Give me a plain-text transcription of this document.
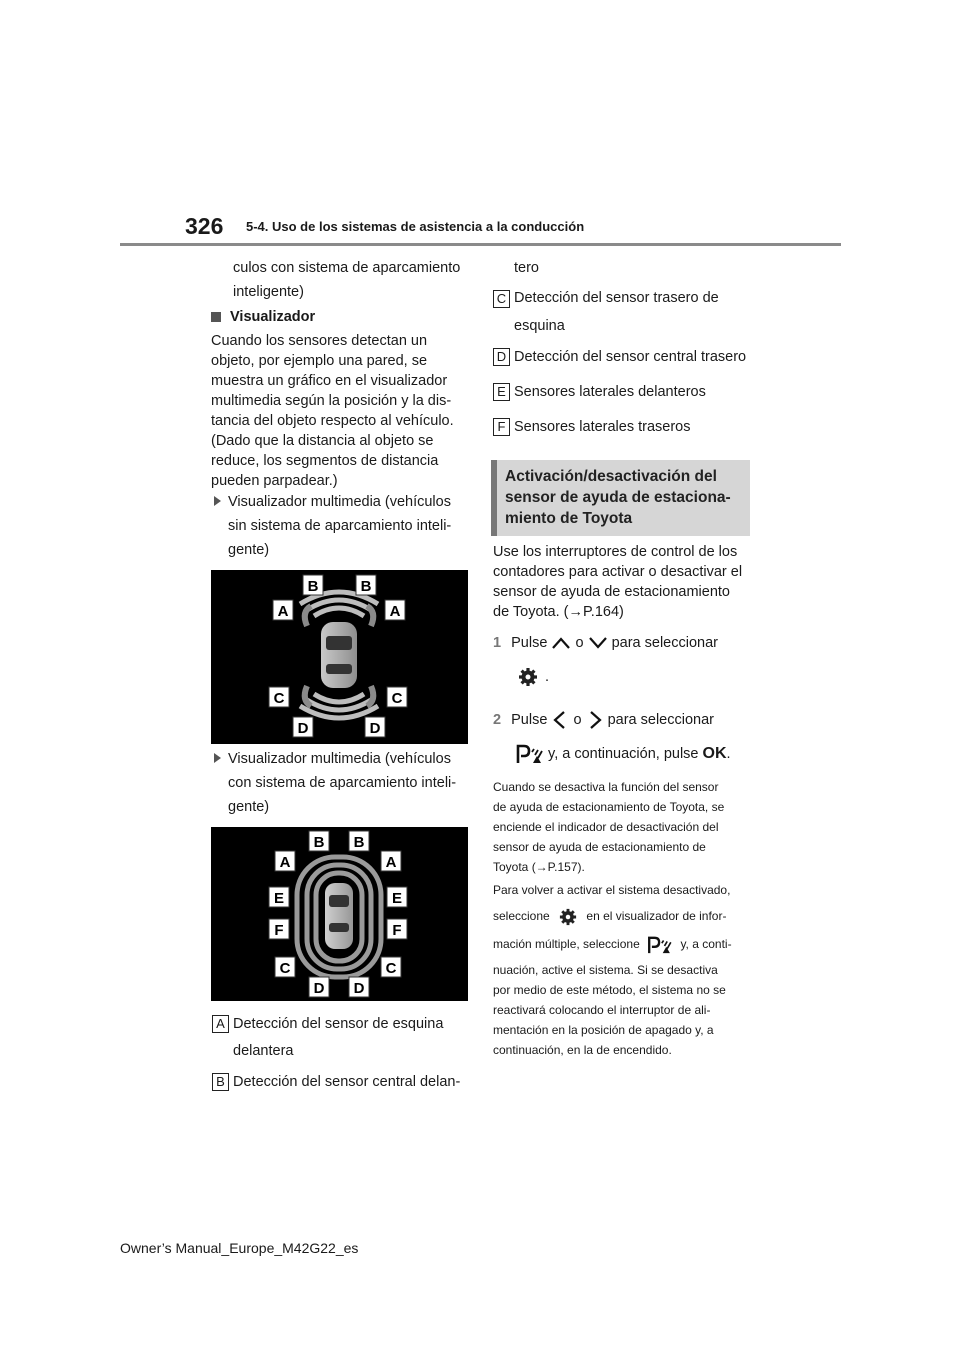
326 5-4. Uso de los sistemas de asistencia a la conducción

culos con sistema de aparcamiento

inteligente)

Visualizador

Cuando los sensores detectan un
objeto, por ejemplo una pared, se
muestra un gráfico en el visualizador
multimedia según la posición y la dis-
tancia del objeto respecto al vehículo.
(Dado que la distancia al objeto se
reduce, los segmentos de distancia
pueden parpadear.)
Visualizador multimedia (vehículos
sin sistema de aparcamiento inteli-
gente)
B	B
A	A
C	C
D	D
Visualizador multimedia (vehículos
con sistema de aparcamiento inteli-
gente)
B B
A	A
E	E
F	F
C	C
D D
A Detección del sensor de esquina

delantera

B Detección del sensor central delan-

tero

C Detección del sensor trasero de

esquina

D Detección del sensor central trasero

E Sensores laterales delanteros

F Sensores laterales traseros

Activación/desactivación del
sensor de ayuda de estaciona-
miento de Toyota
Use los interruptores de control de los
contadores para activar o desactivar el
sensor de ayuda de estacionamiento
de Toyota. (→P.164)
1 Pulse o para seleccionar
.
2 Pulse o para seleccionar
y, a continuación, pulse OK.
Cuando se desactiva la función del sensor
de ayuda de estacionamiento de Toyota, se
enciende el indicador de desactivación del
sensor de ayuda de estacionamiento de
Toyota (→P.157).
Para volver a activar el sistema desactivado,
seleccione	en el visualizador de infor-
mación múltiple, seleccione	y, a conti-
nuación, active el sistema. Si se desactiva
por medio de este método, el sistema no se
reactivará colocando el interruptor de ali-
mentación en la posición de apagado y, a
continuación, en la de encendido.
Owner’s Manual_Europe_M42G22_es
